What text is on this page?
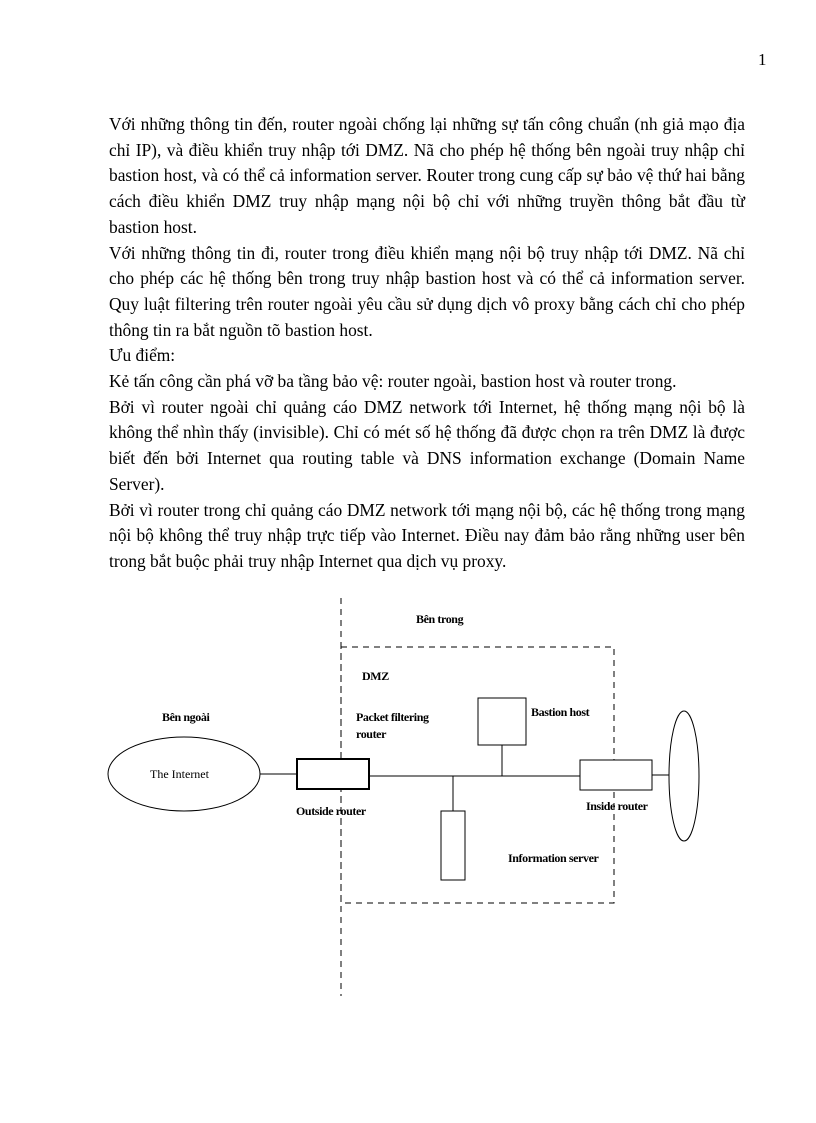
1

Với những thông tin đến, router ngoài chống lại những sự tấn công chuẩn (nh giả mạo địa chỉ IP), và điều khiển truy nhập tới DMZ. Nã cho phép hệ thống bên ngoài truy nhập chỉ bastion host, và có thể cả information server. Router trong cung cấp sự bảo vệ thứ hai bằng cách điều khiển DMZ truy nhập mạng nội bộ chỉ với những truyền thông bắt đầu từ bastion host.

Với những thông tin đi, router trong điều khiển mạng nội bộ truy nhập tới DMZ. Nã chỉ cho phép các hệ thống bên trong truy nhập bastion host và có thể cả information server. Quy luật filtering trên router ngoài yêu cầu sử dụng dịch vô proxy bằng cách chỉ cho phép thông tin ra bắt nguồn tõ bastion host.

Ưu điểm:

Kẻ tấn công cần phá vỡ ba tầng bảo vệ: router ngoài, bastion host và router trong.

Bởi vì router ngoài chỉ quảng cáo DMZ network tới Internet, hệ thống mạng nội bộ là không thể nhìn thấy (invisible). Chỉ có mét số hệ thống đã được chọn ra trên DMZ là được biết đến bởi Internet qua routing table và DNS information exchange (Domain Name Server).

Bởi vì router trong chỉ quảng cáo DMZ network tới mạng nội bộ, các hệ thống trong mạng nội bộ không thể truy nhập trực tiếp vào Internet. Điều nay đảm bảo rằng những user bên trong bắt buộc phải truy nhập Internet qua dịch vụ proxy.

Bên trong
DMZ
Bên ngoài
The Internet
Packet filtering
router
Bastion host
Outside router	Inside router
Information server
